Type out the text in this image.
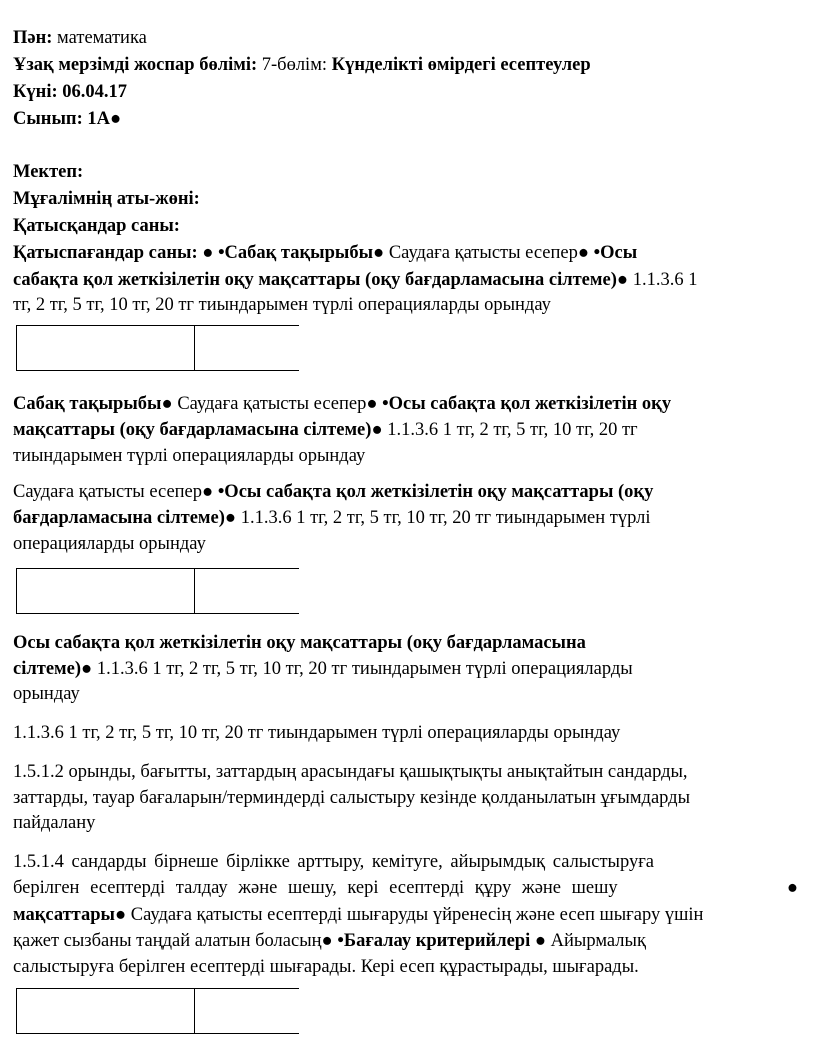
Пән: математика
Ұзақ мерзімді жоспар бөлімі: 7-бөлім: Күнделікті өмірдегі есептеулер
Күні: 06.04.17
Сынып: 1А●
Мектеп:
Мұғалімнің аты-жөні:
Қатысқандар саны:
Қатыспағандар саны: ● •Сабақ тақырыбы● Саудаға қатысты есепер● •Осы
сабақта қол жеткізілетін оқу мақсаттары (оқу бағдарламасына сілтеме)● 1.1.3.6 1
тг, 2 тг, 5 тг, 10 тг, 20 тг тиындарымен түрлі операцияларды орындау
Сабақ тақырыбы● Саудаға қатысты есепер● •Осы сабақта қол жеткізілетін оқу
мақсаттары (оқу бағдарламасына сілтеме)● 1.1.3.6 1 тг, 2 тг, 5 тг, 10 тг, 20 тг
тиындарымен түрлі операцияларды орындау
Саудаға қатысты есепер● •Осы сабақта қол жеткізілетін оқу мақсаттары (оқу
бағдарламасына сілтеме)● 1.1.3.6 1 тг, 2 тг, 5 тг, 10 тг, 20 тг тиындарымен түрлі
операцияларды орындау
Осы сабақта қол жеткізілетін оқу мақсаттары (оқу бағдарламасына
сілтеме)● 1.1.3.6 1 тг, 2 тг, 5 тг, 10 тг, 20 тг тиындарымен түрлі операцияларды
орындау
1.1.3.6 1 тг, 2 тг, 5 тг, 10 тг, 20 тг тиындарымен түрлі операцияларды орындау
1.5.1.2 орынды, бағытты, заттардың арасындағы қашықтықты анықтайтын сандарды,
заттарды, тауар бағаларын/терминдерді салыстыру кезінде қолданылатын ұғымдарды
пайдалану
1.5.1.4 сандарды бірнеше бірлікке арттыру, кемітуге, айырымдық салыстыруға
берілген есептерді талдау және шешу, кері есептерді құру және шешу	●
мақсаттары● Саудаға қатысты есептерді шығаруды үйренесің және есеп шығару үшін
қажет сызбаны таңдай алатын боласың● •Бағалау критерийлері ● Айырмалық
салыстыруға берілген есептерді шығарады. Кері есеп құрастырады, шығарады.
